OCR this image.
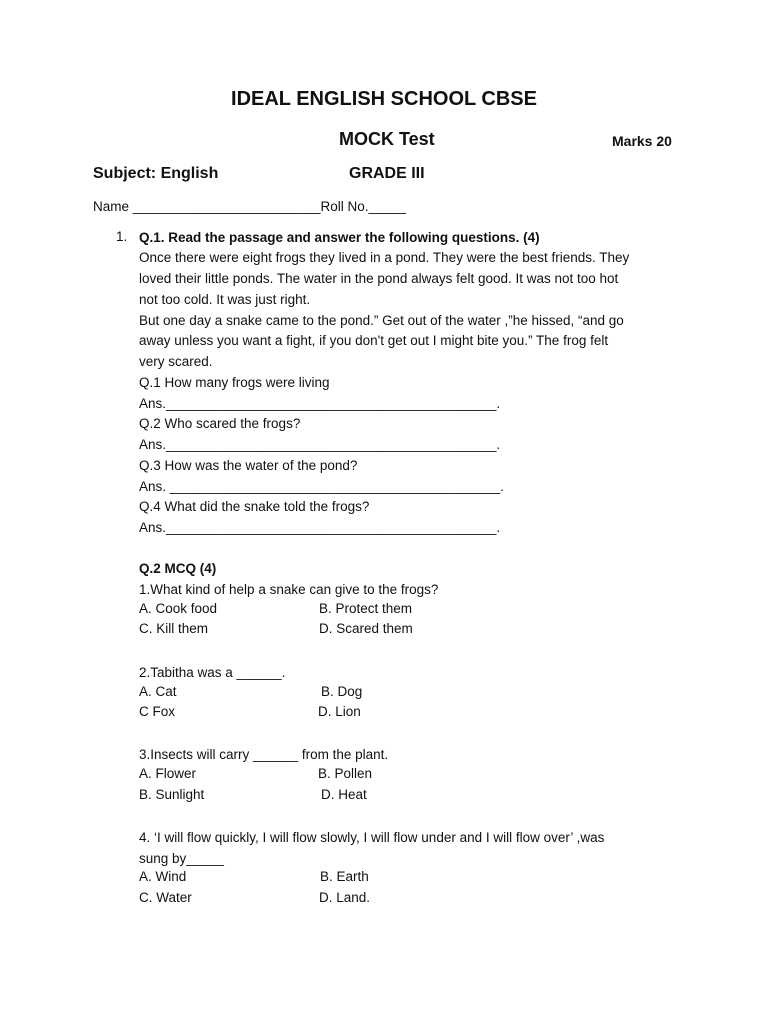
IDEAL ENGLISH SCHOOL CBSE
MOCK Test	Marks 20
Subject: English	GRADE III
Name _________________________Roll No._____
1. Q.1. Read the passage and answer the following questions. (4)
Once there were eight frogs they lived in a pond. They were the best friends. They
loved their little ponds. The water in the pond always felt good. It was not too hot
not too cold. It was just right.
But one day a snake came to the pond.” Get out of the water ,”he hissed, “and go
away unless you want a fight, if you don't get out I might bite you.” The frog felt
very scared.
Q.1 How many frogs were living
Ans.____________________________________________.
Q.2 Who scared the frogs?
Ans.____________________________________________.
Q.3 How was the water of the pond?
Ans. ____________________________________________.
Q.4 What did the snake told the frogs?
Ans.____________________________________________.
Q.2 MCQ (4)
1.What kind of help a snake can give to the frogs?
A. Cook food	B. Protect them
C. Kill them	D. Scared them
2.Tabitha was a ______.
A. Cat	B. Dog
C Fox	D. Lion
3.Insects will carry ______ from the plant.
A. Flower	B. Pollen
B. Sunlight	D. Heat
4. ‘I will flow quickly, I will flow slowly, I will flow under and I will flow over’ ,was
sung by_____
A. Wind	B. Earth
C. Water	D. Land.
